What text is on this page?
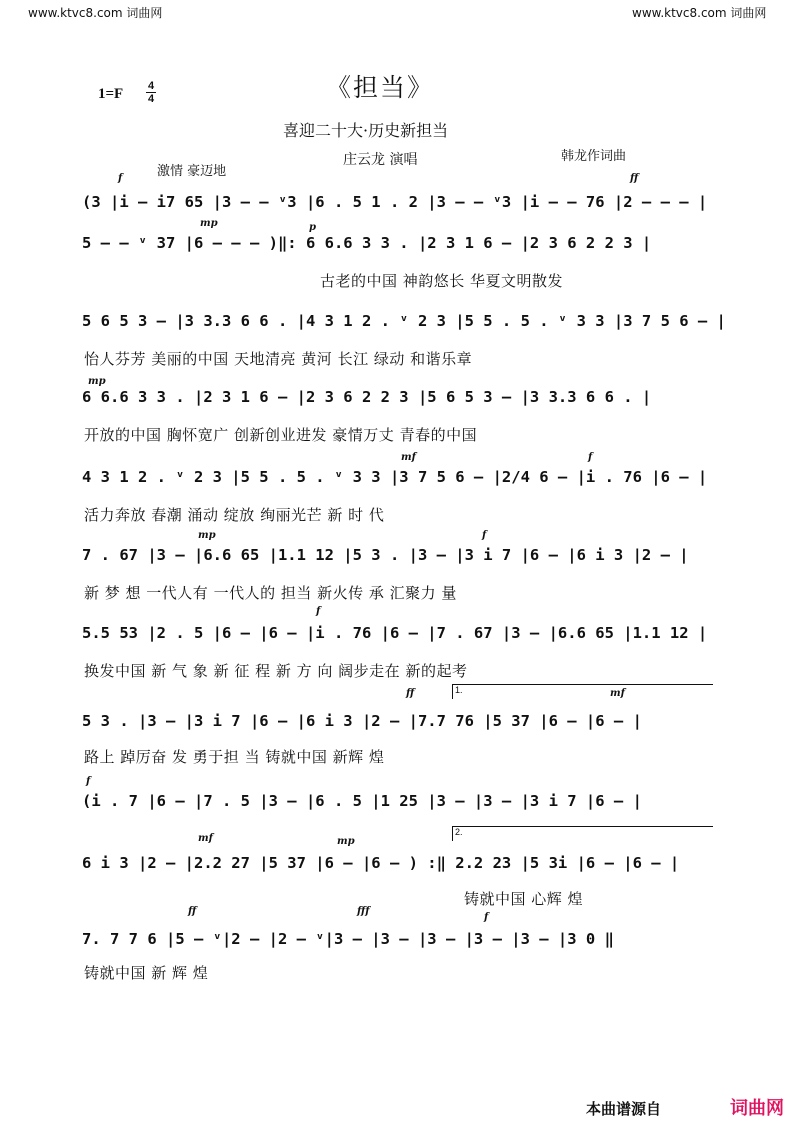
www.ktvc8.com 词曲网	www.ktvc8.com 词曲网
1=F 4
4	《担当》
喜迎二十大·历史新担当
庄云龙 演唱	韩龙作词曲
激情 豪迈地
f	ff
mp	p
mp
mf	f
mp	f
ff	mf
f
mf	mp
f
ff	fff
f
1.
2.
(3 |i – i7 65 |3 – – ᵛ3 |6 . 5 1 . 2 |3 – – ᵛ3 |i – – 76 |2 – – – |
5 – – ᵛ 37 |6 – – – )‖: 6 6.6 3 3 . |2 3 1 6 – |2 3 6 2 2 3 |
古老的中国 神韵悠长 华夏文明散发
5 6 5 3 – |3 3.3 6 6 . |4 3 1 2 . ᵛ 2 3 |5 5 . 5 . ᵛ 3 3 |3 7 5 6 – |
怡人芬芳 美丽的中国 天地清亮 黄河 长江 绿动 和谐乐章
6 6.6 3 3 . |2 3 1 6 – |2 3 6 2 2 3 |5 6 5 3 – |3 3.3 6 6 . |
开放的中国 胸怀宽广 创新创业进发 豪情万丈 青春的中国
4 3 1 2 . ᵛ 2 3 |5 5 . 5 . ᵛ 3 3 |3 7 5 6 – |2/4 6 – |i . 76 |6 – |
活力奔放 春潮 涌动 绽放 绚丽光芒 新 时 代
7 . 67 |3 – |6.6 65 |1.1 12 |5 3 . |3 – |3 i 7 |6 – |6 i 3 |2 – |
新 梦 想 一代人有 一代人的 担当 新火传 承 汇聚力 量
5.5 53 |2 . 5 |6 – |6 – |i . 76 |6 – |7 . 67 |3 – |6.6 65 |1.1 12 |
换发中国 新 气 象 新 征 程 新 方 向 阔步走在 新的起考
5 3 . |3 – |3 i 7 |6 – |6 i 3 |2 – |7.7 76 |5 37 |6 – |6 – |
路上 踔厉奋 发 勇于担 当 铸就中国 新辉 煌
(i . 7 |6 – |7 . 5 |3 – |6 . 5 |1 25 |3 – |3 – |3 i 7 |6 – |
6 i 3 |2 – |2.2 27 |5 37 |6 – |6 – ) :‖ 2.2 23 |5 3i |6 – |6 – |
铸就中国 心辉 煌
7. 7 7 6 |5 – ᵛ|2 – |2 – ᵛ|3 – |3 – |3 – |3 – |3 – |3 0 ‖
铸就中国 新 辉 煌
本曲谱源自	词曲网
